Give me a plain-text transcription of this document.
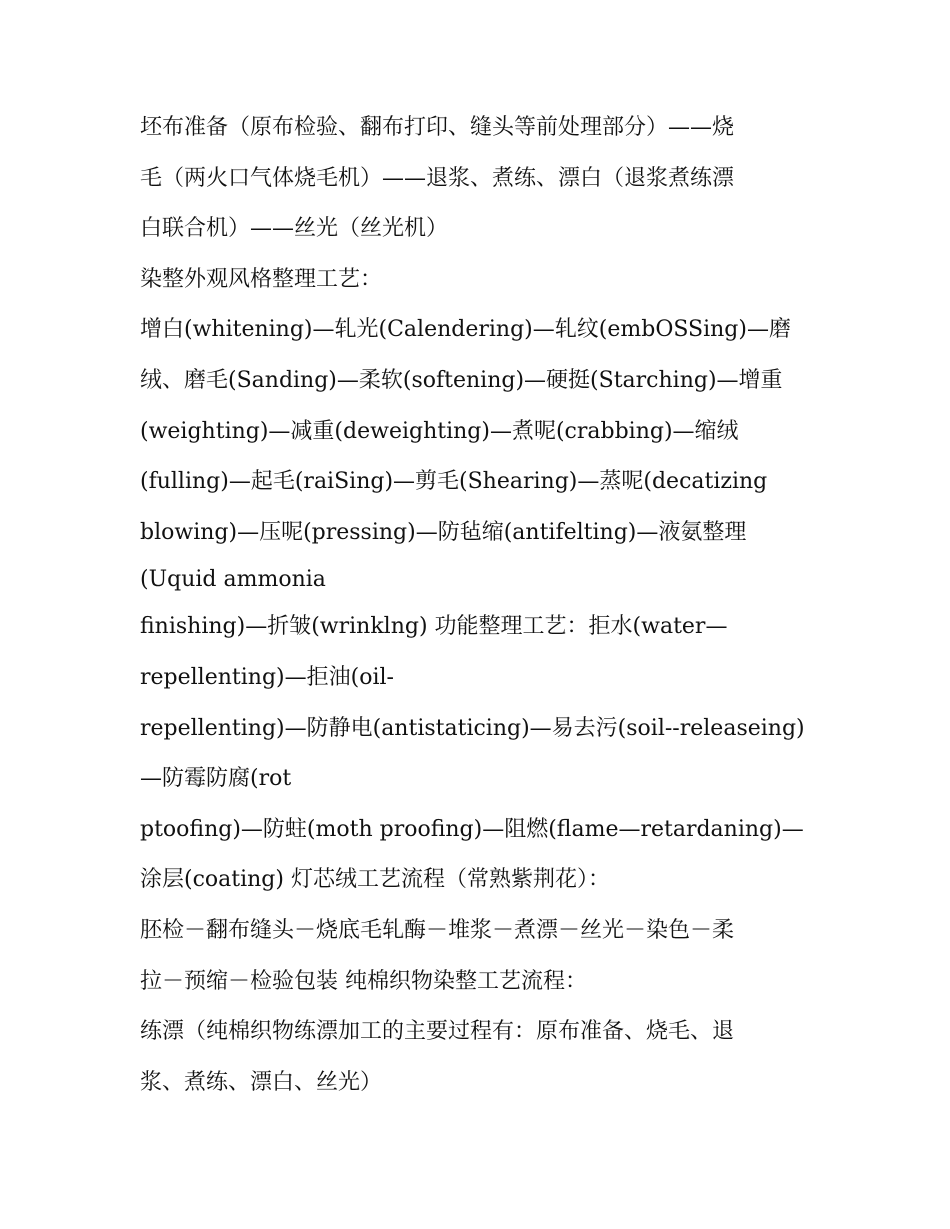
坯布准备（原布检验、翻布打印、缝头等前处理部分）——烧
毛（两火口气体烧毛机）——退浆、煮练、漂白（退浆煮练漂
白联合机）——丝光（丝光机）
染整外观风格整理工艺：
增白(whitening)—轧光(Calendering)—轧纹(embOSSing)—磨
绒、磨毛(Sanding)—柔软(softening)—硬挺(Starching)—增重
(weighting)—减重(deweighting)—煮呢(crabbing)—缩绒
(fulling)—起毛(raiSing)—剪毛(Shearing)—蒸呢(decatizing
blowing)—压呢(pressing)—防毡缩(antifelting)—液氨整理
(Uquid ammonia
finishing)—折皱(wrinklng) 功能整理工艺：拒水(water—
repellenting)—拒油(oil-
repellenting)—防静电(antistaticing)—易去污(soil--releaseing)
—防霉防腐(rot
ptoofing)—防蛀(moth proofing)—阻燃(flame—retardaning)—
涂层(coating) 灯芯绒工艺流程（常熟紫荆花）：
胚检－翻布缝头－烧底毛轧酶－堆浆－煮漂－丝光－染色－柔
拉－预缩－检验包装 纯棉织物染整工艺流程：
练漂（纯棉织物练漂加工的主要过程有：原布准备、烧毛、退
浆、煮练、漂白、丝光）
